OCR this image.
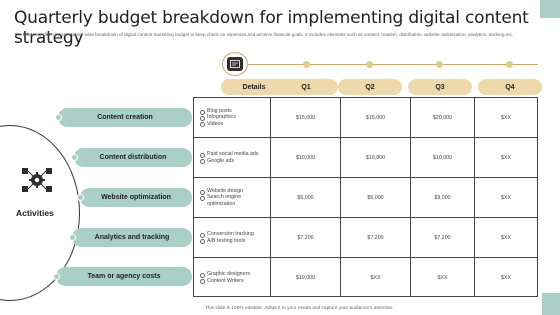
Quarterly budget breakdown for implementing digital content strategy
The following slide depicts quarter wise breakdown of digital content marketing budget to keep check on expenses and achieve financial goals. It includes elements such as content creation, distribution, website optimization, analytics, tracking etc.
Activities
Content creation
Content distribution
Website optimization
Analytics and tracking
Team or agency costs
Details	Q1	Q2	Q3	Q4
Blog posts
Infographics
Videos
$15,000	$15,000	$20,000	$XX
Paid social media ads
Google ads	$10,000	$10,800	$10,000	$XX
Website design
Search engine optimization
$5,000	$5,000	$9,000	$XX
Conversion tracking
A/B testing tools	$7,200	$7,200	$7,200	$XX
Graphic designers
Content Writers	$19,000	$XX	$XX	$XX
This slide is 100% editable. Adapt it to your needs and capture your audience's attention.
